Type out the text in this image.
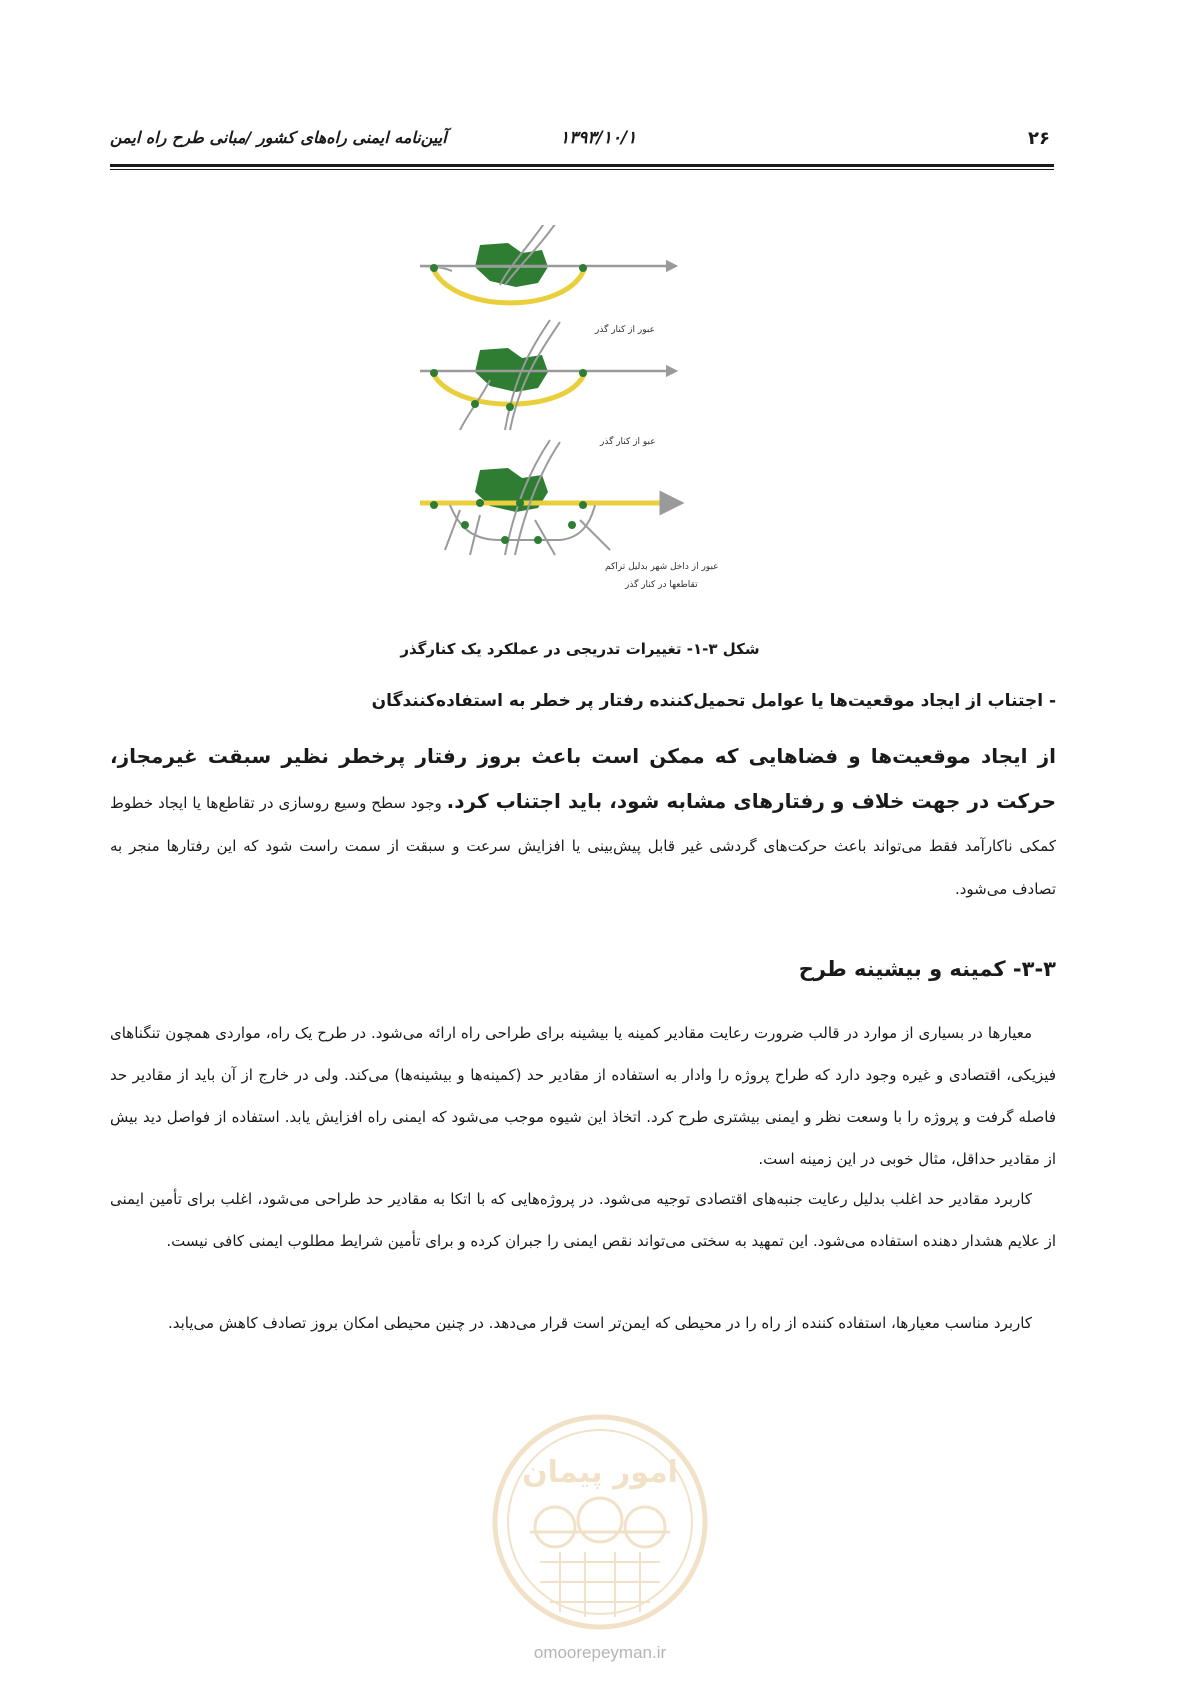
۲۶
۱۳۹۳/۱۰/۱
آیین‌نامه ایمنی راه‌های کشور /مبانی طرح راه ایمن
عبور از کنار گذر
عبو از کنار گذر
عبور از داخل شهر بدلیل تراکم
تقاطعها در کنار گذر
شکل ۳-۱- تغییرات تدریجی در عملکرد یک کنارگذر
- اجتناب از ایجاد موقعیت‌ها یا عوامل تحمیل‌کننده رفتار پر خطر به استفاده‌کنندگان
از ایجاد موقعیت‌ها و فضاهایی که ممکن است باعث بروز رفتار پرخطر نظیر سبقت غیرمجاز، حرکت در جهت خلاف و رفتارهای مشابه شود، باید اجتناب کرد. وجود سطح وسیع روسازی در تقاطع‌ها یا ایجاد خطوط کمکی ناکارآمد فقط می‌تواند باعث حرکت‌های گردشی غیر قابل پیش‌بینی یا افزایش سرعت و سبقت از سمت راست شود که این رفتارها منجر به تصادف می‌شود.
۳-۳- کمینه و بیشینه طرح
معیارها در بسیاری از موارد در قالب ضرورت رعایت مقادیر کمینه یا بیشینه برای طراحی راه ارائه می‌شود. در طرح یک راه، مواردی همچون تنگناهای فیزیکی، اقتصادی و غیره وجود دارد که طراح پروژه را وادار به استفاده از مقادیر حد (کمینه‌ها و بیشینه‌ها) می‌کند. ولی در خارج از آن باید از مقادیر حد فاصله گرفت و پروژه را با وسعت نظر و ایمنی بیشتری طرح کرد. اتخاذ این شیوه موجب می‌شود که ایمنی راه افزایش یابد. استفاده از فواصل دید بیش از مقادیر حداقل، مثال خوبی در این زمینه است.
کاربرد مقادیر حد اغلب بدلیل رعایت جنبه‌های اقتصادی توجیه می‌شود. در پروژه‌هایی که با اتکا به مقادیر حد طراحی می‌شود، اغلب برای تأمین ایمنی از علایم هشدار دهنده استفاده می‌شود. این تمهید به سختی می‌تواند نقص ایمنی را جبران کرده و برای تأمین شرایط مطلوب ایمنی کافی نیست.
کاربرد مناسب معیارها، استفاده کننده از راه را در محیطی که ایمن‌تر است قرار می‌دهد. در چنین محیطی امکان بروز تصادف کاهش می‌یابد.
امور پیمان
omoorepeyman.ir
